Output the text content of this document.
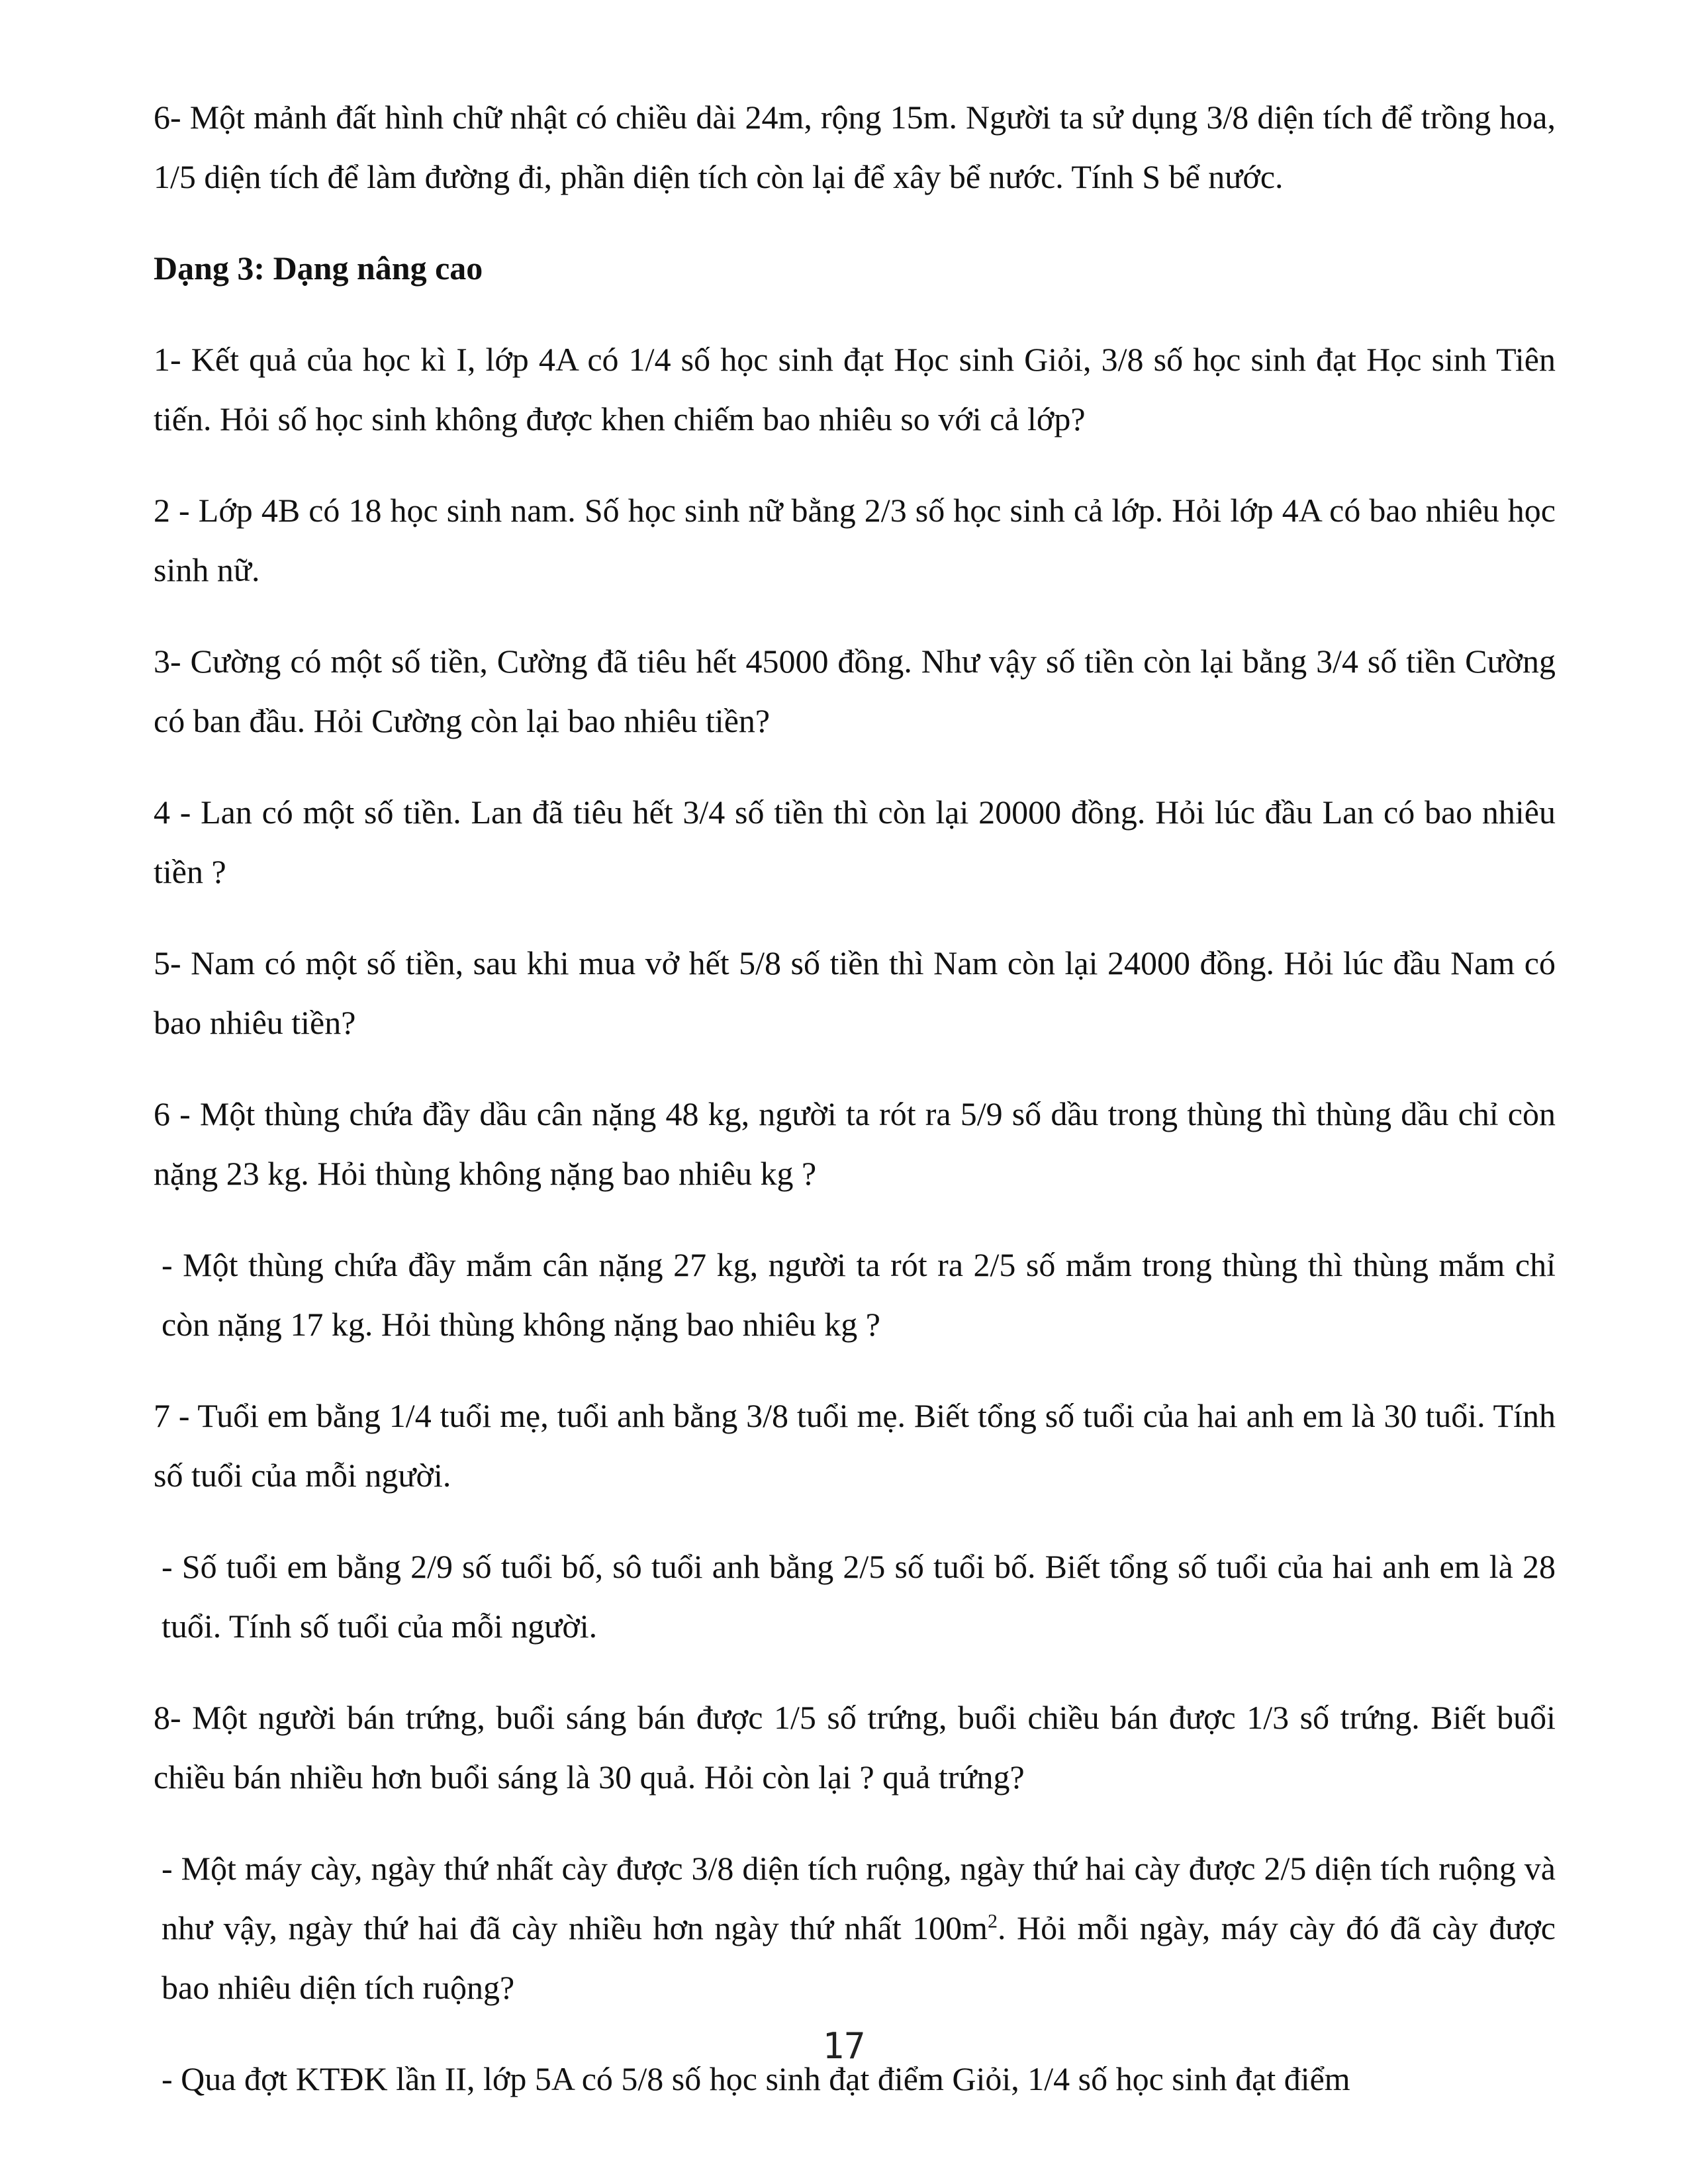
6- Một mảnh đất hình chữ nhật có chiều dài 24m, rộng 15m. Người ta sử dụng 3/8 diện tích để trồng hoa, 1/5 diện tích để làm đường đi, phần diện tích còn lại để xây bể nước. Tính S bể nước.

Dạng 3: Dạng nâng cao

1- Kết quả của học kì I, lớp 4A có 1/4 số học sinh đạt Học sinh Giỏi, 3/8 số học sinh đạt Học sinh Tiên tiến. Hỏi số học sinh không được khen chiếm bao nhiêu so với cả lớp?

2 - Lớp 4B có 18 học sinh nam. Số học sinh nữ bằng 2/3 số học sinh cả lớp. Hỏi lớp 4A có bao nhiêu học sinh nữ.

3- Cường có một số tiền, Cường đã tiêu hết 45000 đồng. Như vậy số tiền còn lại bằng 3/4 số tiền Cường có ban đầu. Hỏi Cường còn lại bao nhiêu tiền?

4 - Lan có một số tiền. Lan đã tiêu hết 3/4 số tiền thì còn lại 20000 đồng. Hỏi lúc đầu Lan có bao nhiêu tiền ?

5- Nam có một số tiền, sau khi mua vở hết 5/8 số tiền thì Nam còn lại 24000 đồng. Hỏi lúc đầu Nam có bao nhiêu tiền?

6 - Một thùng chứa đầy dầu cân nặng 48 kg, người ta rót ra 5/9 số dầu trong thùng thì thùng dầu chỉ còn nặng 23 kg. Hỏi thùng không nặng bao nhiêu kg ?

- Một thùng chứa đầy mắm cân nặng 27 kg, người ta rót ra 2/5 số mắm trong thùng thì thùng mắm chỉ còn nặng 17 kg. Hỏi thùng không nặng bao nhiêu kg ?

7 - Tuổi em bằng 1/4 tuổi mẹ, tuổi anh bằng 3/8 tuổi mẹ. Biết tổng số tuổi của hai anh em là 30 tuổi. Tính số tuổi của mỗi người.

- Số tuổi em bằng 2/9 số tuổi bố, sô tuổi anh bằng 2/5 số tuổi bố. Biết tổng số tuổi của hai anh em là 28 tuổi. Tính số tuổi của mỗi người.

8- Một người bán trứng, buổi sáng bán được 1/5 số trứng, buổi chiều bán được 1/3 số trứng. Biết buổi chiều bán nhiều hơn buổi sáng là 30 quả. Hỏi còn lại ? quả trứng?

- Một máy cày, ngày thứ nhất cày được 3/8 diện tích ruộng, ngày thứ hai cày được 2/5 diện tích ruộng và như vậy, ngày thứ hai đã cày nhiều hơn ngày thứ nhất $100m^2$. Hỏi mỗi ngày, máy cày đó đã cày được bao nhiêu diện tích ruộng?

- Qua đợt KTĐK lần II, lớp 5A có 5/8 số học sinh đạt điểm Giỏi, 1/4 số học sinh đạt điểm

17
